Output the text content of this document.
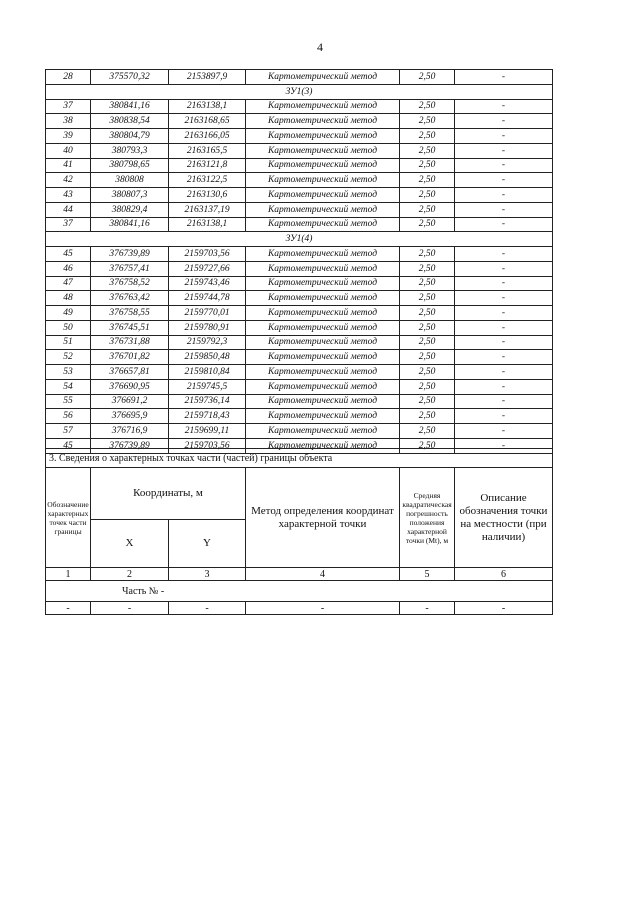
4
28	375570,32	2153897,9	Картометрический метод	2,50	-
ЗУ1(3)					
37	380841,16	2163138,1	Картометрический метод	2,50	-
38	380838,54	2163168,65	Картометрический метод	2,50	-
39	380804,79	2163166,05	Картометрический метод	2,50	-
40	380793,3	2163165,5	Картометрический метод	2,50	-
41	380798,65	2163121,8	Картометрический метод	2,50	-
42	380808	2163122,5	Картометрический метод	2,50	-
43	380807,3	2163130,6	Картометрический метод	2,50	-
44	380829,4	2163137,19	Картометрический метод	2,50	-
37	380841,16	2163138,1	Картометрический метод	2,50	-
ЗУ1(4)					
45	376739,89	2159703,56	Картометрический метод	2,50	-
46	376757,41	2159727,66	Картометрический метод	2,50	-
47	376758,52	2159743,46	Картометрический метод	2,50	-
48	376763,42	2159744,78	Картометрический метод	2,50	-
49	376758,55	2159770,01	Картометрический метод	2,50	-
50	376745,51	2159780,91	Картометрический метод	2,50	-
51	376731,88	2159792,3	Картометрический метод	2,50	-
52	376701,82	2159850,48	Картометрический метод	2,50	-
53	376657,81	2159810,84	Картометрический метод	2,50	-
54	376690,95	2159745,5	Картометрический метод	2,50	-
55	376691,2	2159736,14	Картометрический метод	2,50	-
56	376695,9	2159718,43	Картометрический метод	2,50	-
57	376716,9	2159699,11	Картометрический метод	2,50	-
45	376739,89	2159703,56	Картометрический метод	2,50	-
3. Сведения о характерных точках части (частей) границы объекта					
Обозначение характерных точек части границы	Координаты, м		Метод определения координат характерной точки	Средняя квадратическая погрешность положения характерной точки (Мt), м	Описание обозначения точки на местности (при наличии)
	X	Y			
1	2	3	4	5	6
Часть № -					
-	-	-	-	-	-
